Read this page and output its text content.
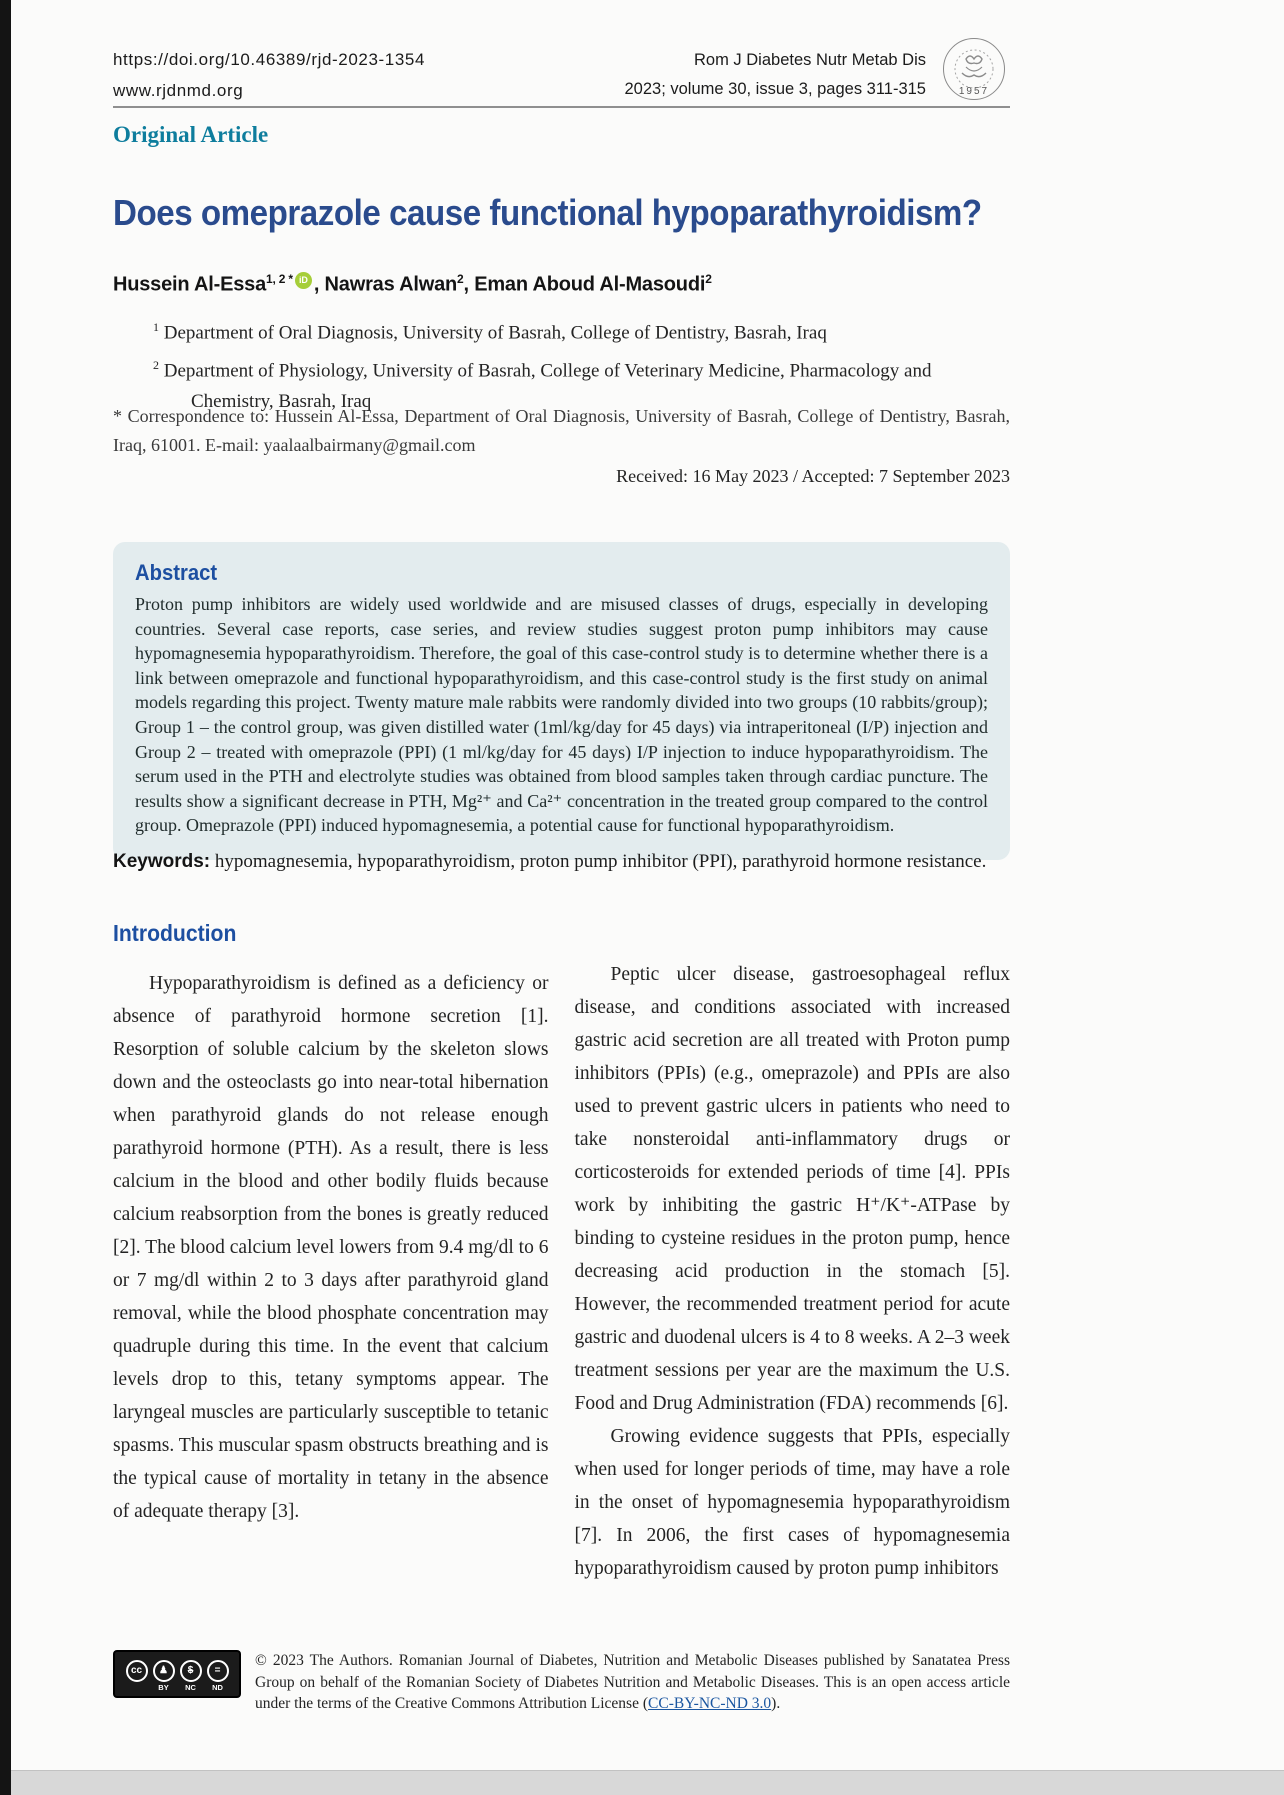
https://doi.org/10.46389/rjd-2023-1354
www.rjdnmd.org
Rom J Diabetes Nutr Metab Dis
2023; volume 30, issue 3, pages 311-315	1957
Original Article
Does omeprazole cause functional hypoparathyroidism?
Hussein Al-Essa$^{1, 2 *}$ iD , Nawras Alwan$^2$, Eman Aboud Al-Masoudi$^2$
$^1$ Department of Oral Diagnosis, University of Basrah, College of Dentistry, Basrah, Iraq
$^2$ Department of Physiology, University of Basrah, College of Veterinary Medicine, Pharmacology and Chemistry, Basrah, Iraq
* Correspondence to: Hussein Al-Essa, Department of Oral Diagnosis, University of Basrah, College of Dentistry, Basrah, Iraq, 61001. E-mail: yaalaalbairmany@gmail.com
Received: 16 May 2023 / Accepted: 7 September 2023
Abstract
Proton pump inhibitors are widely used worldwide and are misused classes of drugs, especially in developing countries. Several case reports, case series, and review studies suggest proton pump inhibitors may cause hypomagnesemia hypoparathyroidism. Therefore, the goal of this case-control study is to determine whether there is a link between omeprazole and functional hypoparathyroidism, and this case-control study is the first study on animal models regarding this project. Twenty mature male rabbits were randomly divided into two groups (10 rabbits/group); Group 1 – the control group, was given distilled water (1ml/kg/day for 45 days) via intraperitoneal (I/P) injection and Group 2 – treated with omeprazole (PPI) (1 ml/kg/day for 45 days) I/P injection to induce hypoparathyroidism. The serum used in the PTH and electrolyte studies was obtained from blood samples taken through cardiac puncture. The results show a significant decrease in PTH, Mg²⁺ and Ca²⁺ concentration in the treated group compared to the control group. Omeprazole (PPI) induced hypomagnesemia, a potential cause for functional hypoparathyroidism.
Keywords: hypomagnesemia, hypoparathyroidism, proton pump inhibitor (PPI), parathyroid hormone resistance.
Introduction

Hypoparathyroidism is defined as a deficiency or absence of parathyroid hormone secretion [1]. Resorption of soluble calcium by the skeleton slows down and the osteoclasts go into near-total hibernation when parathyroid glands do not release enough parathyroid hormone (PTH). As a result, there is less calcium in the blood and other bodily fluids because calcium reabsorption from the bones is greatly reduced [2]. The blood calcium level lowers from 9.4 mg/dl to 6 or 7 mg/dl within 2 to 3 days after parathyroid gland removal, while the blood phosphate concentration may quadruple during this time. In the event that calcium levels drop to this, tetany symptoms appear. The laryngeal muscles are particularly susceptible to tetanic spasms. This muscular spasm obstructs breathing and is the typical cause of mortality in tetany in the absence of adequate therapy [3].

Peptic ulcer disease, gastroesophageal reflux disease, and conditions associated with increased gastric acid secretion are all treated with Proton pump inhibitors (PPIs) (e.g., omeprazole) and PPIs are also used to prevent gastric ulcers in patients who need to take nonsteroidal anti-inflammatory drugs or corticosteroids for extended periods of time [4]. PPIs work by inhibiting the gastric H⁺/K⁺-ATPase by binding to cysteine residues in the proton pump, hence decreasing acid production in the stomach [5]. However, the recommended treatment period for acute gastric and duodenal ulcers is 4 to 8 weeks. A 2–3 week treatment sessions per year are the maximum the U.S. Food and Drug Administration (FDA) recommends [6].

Growing evidence suggests that PPIs, especially when used for longer periods of time, may have a role in the onset of hypomagnesemia hypoparathyroidism [7]. In 2006, the first cases of hypomagnesemia hypoparathyroidism caused by proton pump inhibitors

cc	♟	$	=
BY	NC	ND
© 2023 The Authors. Romanian Journal of Diabetes, Nutrition and Metabolic Diseases published by Sanatatea Press Group on behalf of the Romanian Society of Diabetes Nutrition and Metabolic Diseases. This is an open access article under the terms of the Creative Commons Attribution License (CC-BY-NC-ND 3.0).
